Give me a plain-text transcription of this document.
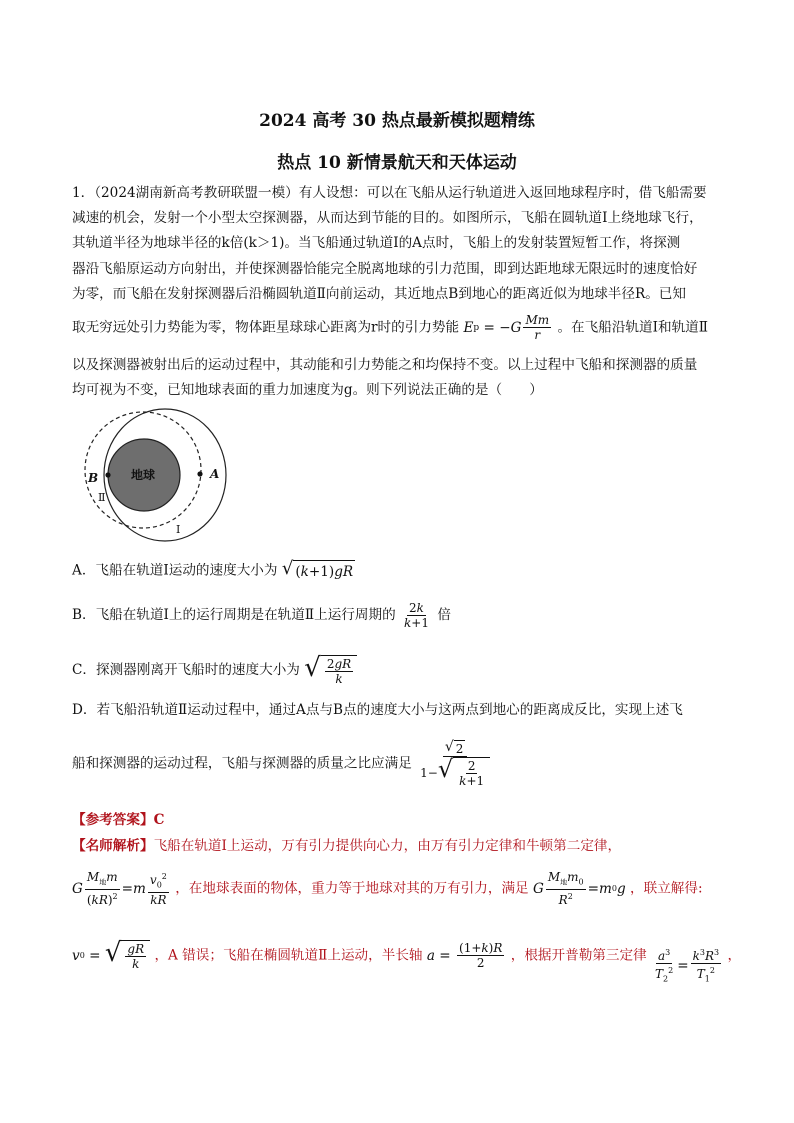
2024 高考 30 热点最新模拟题精练
热点 10 新情景航天和天体运动
1．（2024湖南新高考教研联盟一模）有人设想：可以在飞船从运行轨道进入返回地球程序时，借飞船需要
减速的机会，发射一个小型太空探测器，从而达到节能的目的。如图所示，飞船在圆轨道Ⅰ上绕地球飞行，
其轨道半径为地球半径的k倍(k＞1)。当飞船通过轨道Ⅰ的A点时，飞船上的发射装置短暂工作，将探测
器沿飞船原运动方向射出，并使探测器恰能完全脱离地球的引力范围，即到达距地球无限远时的速度恰好
为零，而飞船在发射探测器后沿椭圆轨道Ⅱ向前运动，其近地点B到地心的距离近似为地球半径R。已知
取无穷远处引力势能为零，物体距星球球心距离为r时的引力势能 E p = − G $\frac{Mm}{r}$ 。在飞船沿轨道Ⅰ和轨道Ⅱ
以及探测器被射出后的运动过程中，其动能和引力势能之和均保持不变。以上过程中飞船和探测器的质量
均可视为不变，已知地球表面的重力加速度为g。则下列说法正确的是（　　）
地球	A
B
Ⅱ
Ⅰ
A．飞船在轨道Ⅰ运动的速度大小为 √ ( k +1) gR
B．飞船在轨道Ⅰ上的运行周期是在轨道Ⅱ上运行周期的 $\frac{2k}{k+1}$ 倍
C．探测器刚离开飞船时的速度大小为 √ $\frac{2gR}{k}$
D．若飞船沿轨道Ⅱ运动过程中，通过A点与B点的速度大小与这两点到地心的距离成反比，实现上述飞
船和探测器的运动过程，飞船与探测器的质量之比应满足 $\frac{√ 2}{1- √ \frac{2}{k+1}}$
【参考答案】C
【名师解析】飞船在轨道Ⅰ上运动，万有引力提供向心力，由万有引力定律和牛顿第二定律，
G $\frac{M_地m}{(kR)^2} = m \frac{v_0^2}{kR}$ ，在地球表面的物体，重力等于地球对其的万有引力，满足 G $\frac{M_地m_0}{R^2} = m$ 0 g ，联立解得:
v 0 = √ $\frac{gR}{k}$ ，A 错误；飞船在椭圆轨道Ⅱ上运动，半长轴 $a = \frac{(1+k)R}{2}$ ，根据开普勒第三定律 $\frac{a^3}{T_2^2} = \frac{k^3R^3}{T_1^2}$ ，
